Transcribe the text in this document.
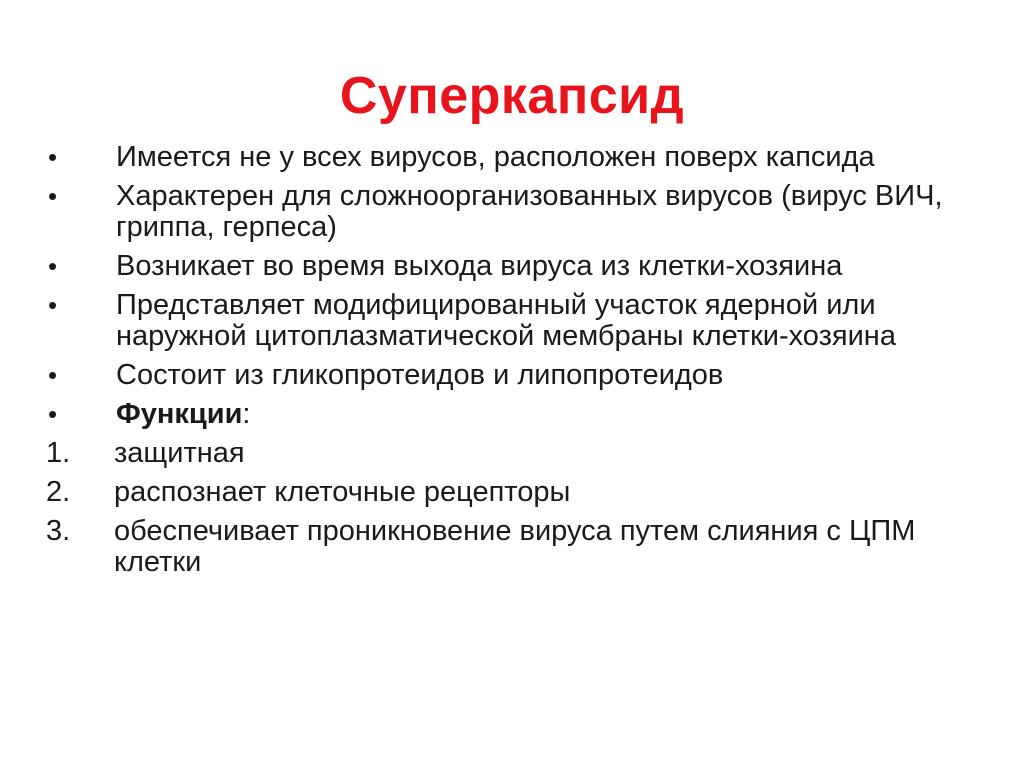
Суперкапсид
•	Имеется не у всех вирусов, расположен поверх капсида
•	Характерен для сложноорганизованных вирусов (вирус ВИЧ, гриппа, герпеса)
•	Возникает во время выхода вируса из клетки-хозяина
•	Представляет модифицированный участок ядерной или наружной цитоплазматической мембраны клетки-хозяина
•	Состоит из гликопротеидов и липопротеидов
•	Функции:
1.	защитная
2.	распознает клеточные рецепторы
3.	обеспечивает проникновение вируса путем слияния с ЦПМ клетки
